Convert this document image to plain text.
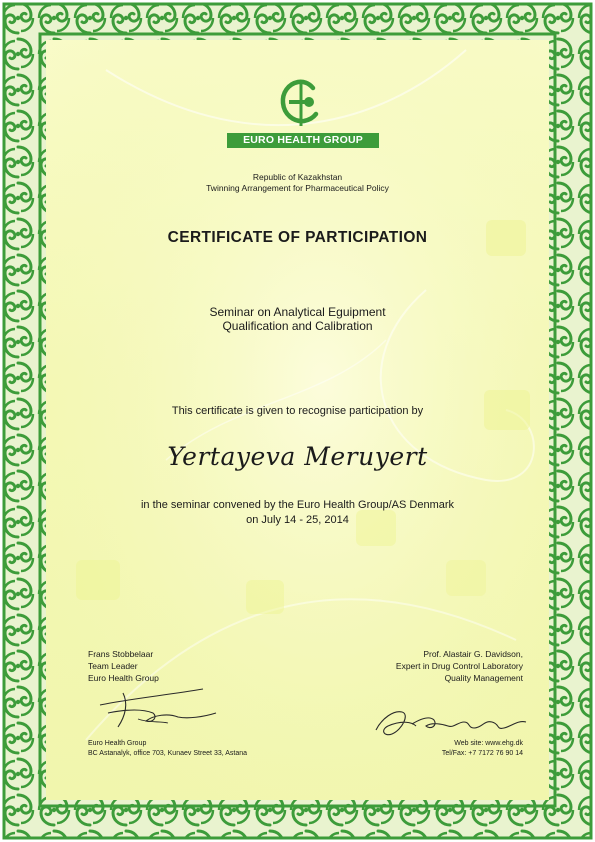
EURO HEALTH GROUP
Republic of Kazakhstan
Twinning Arrangement for Pharmaceutical Policy
CERTIFICATE OF PARTICIPATION
Seminar on Analytical Eguipment
Qualification and Calibration
This certificate is given to recognise participation by
Yertayeva Meruyert
in the seminar convened by the Euro Health Group/AS Denmark
on July 14 - 25, 2014
Frans Stobbelaar
Team Leader
Euro Health Group
Prof. Alastair G. Davidson,
Expert in Drug Control Laboratory
Quality Management
Euro Health Group
BC Astanalyk, office 703, Kunaev Street 33, Astana
Web site: www.ehg.dk
Tel/Fax: +7 7172 76 90 14
